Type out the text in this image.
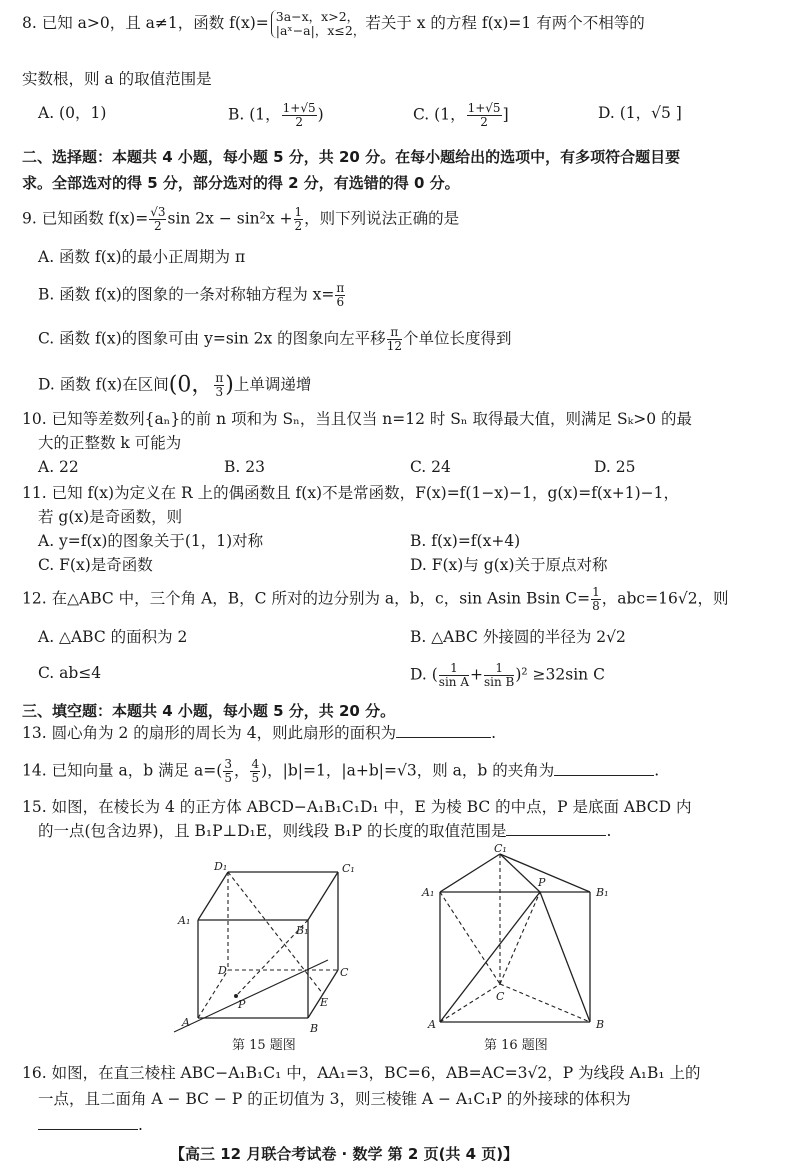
8. 已知 a>0，且 a≠1，函数 f(x)= 3a−x，x>2，
|aˣ−a|，x≤2， 若关于 x 的方程 f(x)=1 有两个不相等的
实数根，则 a 的取值范围是
A. (0，1)	B. (1， $\frac{1+√5}{2}$ )	C. (1， $\frac{1+√5}{2}$ ]	D. (1，√5 ]
二、选择题：本题共 4 小题，每小题 5 分，共 20 分。在每小题给出的选项中，有多项符合题目要
求。全部选对的得 5 分，部分选对的得 2 分，有选错的得 0 分。
9. 已知函数 $f(x)= \frac{√3}{2}$ $\sin 2x - \sin^2x + \frac{1}{2}$ ，则下列说法正确的是
A. 函数 f(x)的最小正周期为 π
B. 函数 f(x)的图象的一条对称轴方程为 $x= \frac{\pi}{6}$
C. 函数 f(x)的图象可由 y=sin 2x 的图象向左平移 $\frac{\pi}{12}$ 个单位长度得到
D. 函数 f(x)在区间(0， $\frac{\pi}{3}$ )上单调递增
10. 已知等差数列{aₙ}的前 n 项和为 Sₙ，当且仅当 n=12 时 Sₙ 取得最大值，则满足 Sₖ>0 的最
大的正整数 k 可能为
A. 22	B. 23	C. 24	D. 25
11. 已知 f(x)为定义在 R 上的偶函数且 f(x)不是常函数，F(x)=f(1−x)−1，g(x)=f(x+1)−1，
若 g(x)是奇函数，则
A. y=f(x)的图象关于(1，1)对称	B. f(x)=f(x+4)
C. F(x)是奇函数	D. F(x)与 g(x)关于原点对称
12. 在△ABC 中，三个角 A，B，C 所对的边分别为 a，b，c，sin Asin Bsin $C= \frac{1}{8}$ ，abc=16√2，则
A. △ABC 的面积为 2	B. △ABC 外接圆的半径为 2√2
C. ab≤4	D. ( $\frac{1}{\text{sin A}} + \frac{1}{\text{sin B}} )^2 \ge 32\sin$ C
三、填空题：本题共 4 小题，每小题 5 分，共 20 分。
13. 圆心角为 2 的扇形的周长为 4，则此扇形的面积为	.
14. 已知向量 a，b 满足 $a=( \frac{3}{5}$ ， $\frac{4}{5}$ )，|b|=1，|a+b|=√3，则 a，b 的夹角为	.
15. 如图，在棱长为 4 的正方体 ABCD−A₁B₁C₁D₁ 中，E 为棱 BC 的中点，P 是底面 ABCD 内
的一点(包含边界)，且 B₁P⊥D₁E，则线段 B₁P 的长度的取值范围是	.
D₁	C₁
A₁
B₁
D	C
A	B
E
P
第 15 题图
C₁
A₁	B₁
P
C
A	B
第 16 题图
16. 如图，在直三棱柱 ABC−A₁B₁C₁ 中，AA₁=3，BC=6，AB=AC=3√2，P 为线段 A₁B₁ 上的
一点，且二面角 A − BC − P 的正切值为 3，则三棱锥 A − A₁C₁P 的外接球的体积为
.
【高三 12 月联合考试卷 · 数学 第 2 页(共 4 页)】
